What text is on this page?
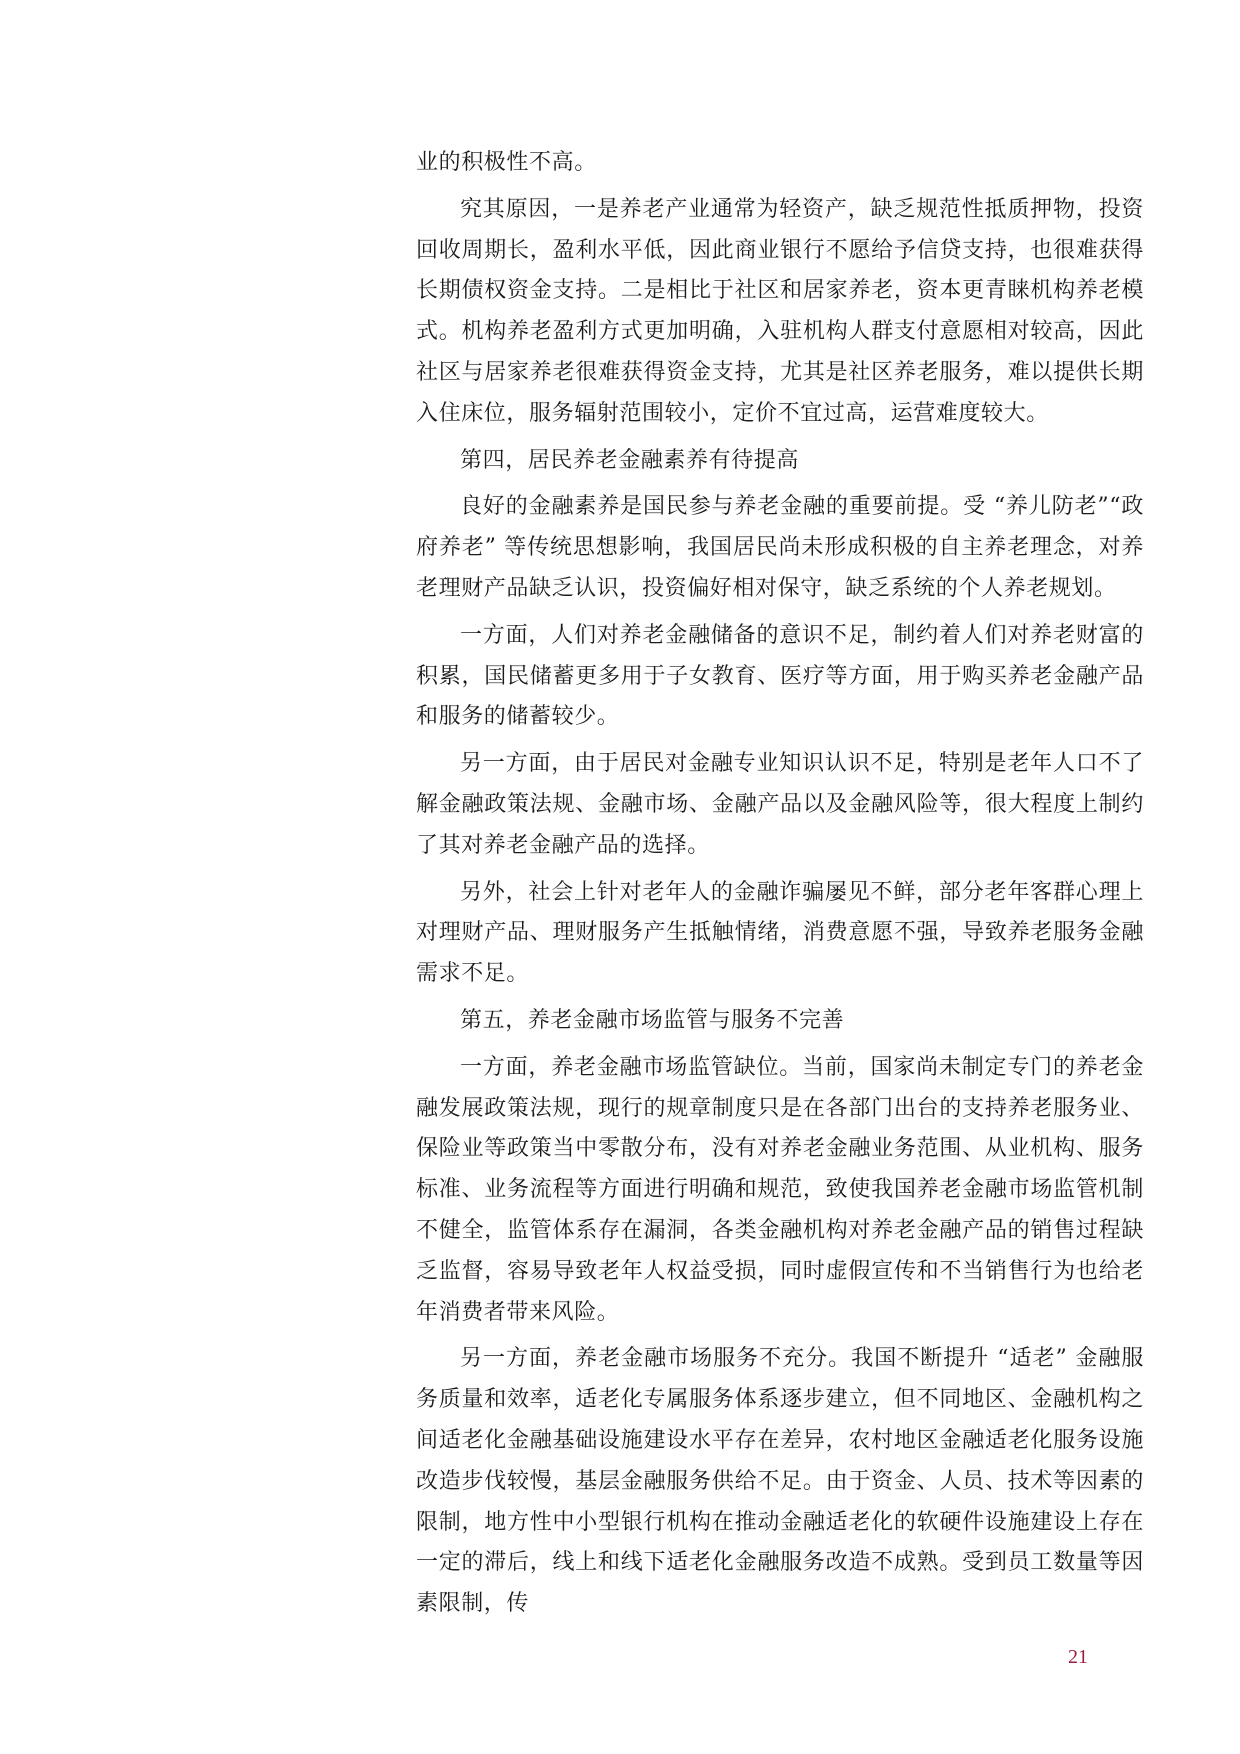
业的积极性不高。

究其原因，一是养老产业通常为轻资产，缺乏规范性抵质押物，投资回收周期长，盈利水平低，因此商业银行不愿给予信贷支持，也很难获得长期债权资金支持。二是相比于社区和居家养老，资本更青睐机构养老模式。机构养老盈利方式更加明确，入驻机构人群支付意愿相对较高，因此社区与居家养老很难获得资金支持，尤其是社区养老服务，难以提供长期入住床位，服务辐射范围较小，定价不宜过高，运营难度较大。

第四，居民养老金融素养有待提高

良好的金融素养是国民参与养老金融的重要前提。受 “养儿防老”“政府养老” 等传统思想影响，我国居民尚未形成积极的自主养老理念，对养老理财产品缺乏认识，投资偏好相对保守，缺乏系统的个人养老规划。

一方面，人们对养老金融储备的意识不足，制约着人们对养老财富的积累，国民储蓄更多用于子女教育、医疗等方面，用于购买养老金融产品和服务的储蓄较少。

另一方面，由于居民对金融专业知识认识不足，特别是老年人口不了解金融政策法规、金融市场、金融产品以及金融风险等，很大程度上制约了其对养老金融产品的选择。

另外，社会上针对老年人的金融诈骗屡见不鲜，部分老年客群心理上对理财产品、理财服务产生抵触情绪，消费意愿不强，导致养老服务金融需求不足。

第五，养老金融市场监管与服务不完善

一方面，养老金融市场监管缺位。当前，国家尚未制定专门的养老金融发展政策法规，现行的规章制度只是在各部门出台的支持养老服务业、保险业等政策当中零散分布，没有对养老金融业务范围、从业机构、服务标准、业务流程等方面进行明确和规范，致使我国养老金融市场监管机制不健全，监管体系存在漏洞，各类金融机构对养老金融产品的销售过程缺乏监督，容易导致老年人权益受损，同时虚假宣传和不当销售行为也给老年消费者带来风险。

另一方面，养老金融市场服务不充分。我国不断提升 “适老” 金融服务质量和效率，适老化专属服务体系逐步建立，但不同地区、金融机构之间适老化金融基础设施建设水平存在差异，农村地区金融适老化服务设施改造步伐较慢，基层金融服务供给不足。由于资金、人员、技术等因素的限制，地方性中小型银行机构在推动金融适老化的软硬件设施建设上存在一定的滞后，线上和线下适老化金融服务改造不成熟。受到员工数量等因素限制，传

21
